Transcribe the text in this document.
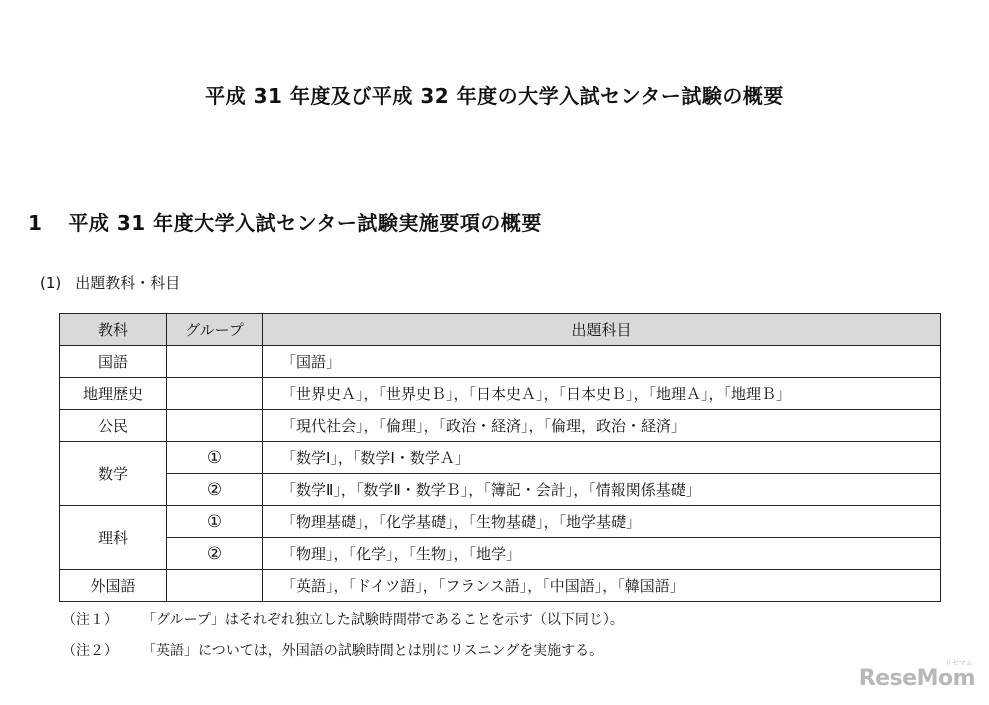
平成 31 年度及び平成 32 年度の大学入試センター試験の概要
1 平成 31 年度大学入試センター試験実施要項の概要
(1) 出題教科・科目
教科	グループ	出題科目
国語		「国語」
地理歴史		「世界史Ａ」，「世界史Ｂ」，「日本史Ａ」，「日本史Ｂ」，「地理Ａ」，「地理Ｂ」
公民		「現代社会」，「倫理」，「政治・経済」，「倫理，政治・経済」
数学	①	「数学Ⅰ」，「数学Ⅰ・数学Ａ」
	②	「数学Ⅱ」，「数学Ⅱ・数学Ｂ」，「簿記・会計」，「情報関係基礎」
理科	①	「物理基礎」，「化学基礎」，「生物基礎」，「地学基礎」
	②	「物理」，「化学」，「生物」，「地学」
外国語		「英語」，「ドイツ語」，「フランス語」，「中国語」，「韓国語」
（注１） 「グループ」はそれぞれ独立した試験時間帯であることを示す（以下同じ）。
（注２） 「英語」については，外国語の試験時間とは別にリスニングを実施する。
リセマム
ReseMom
